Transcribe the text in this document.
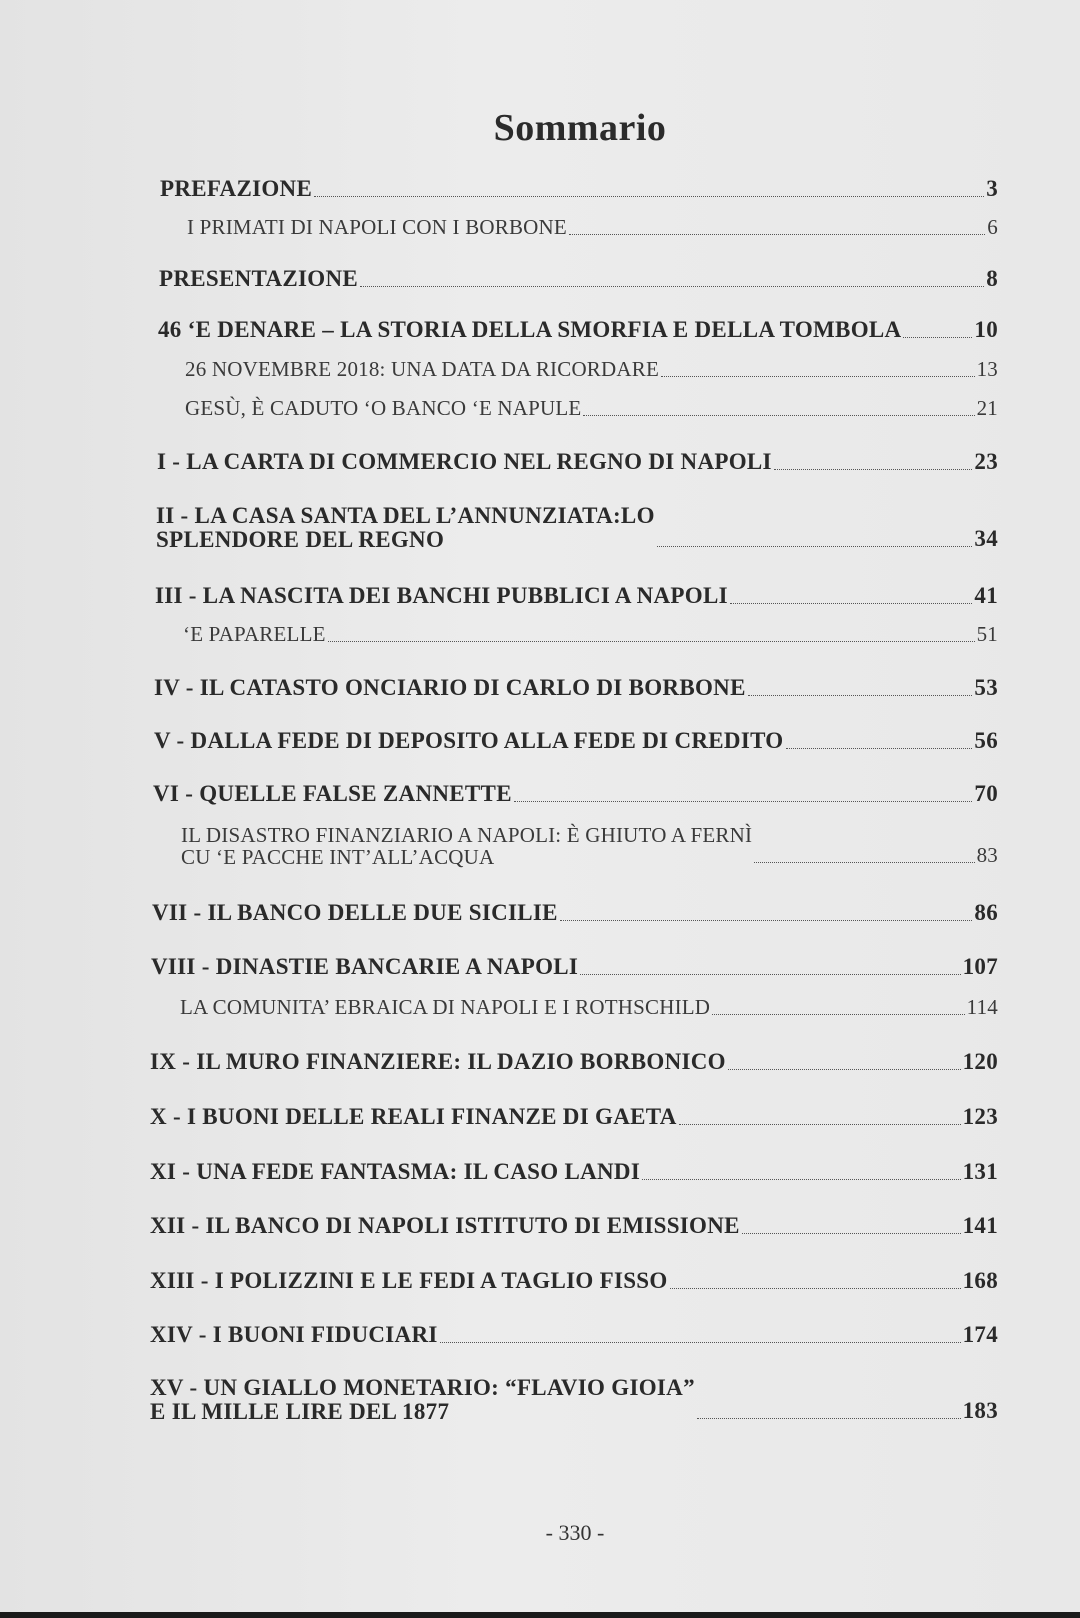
Sommario
PREFAZIONE	3
I PRIMATI DI NAPOLI CON I BORBONE	6
PRESENTAZIONE	8
46 ‘E DENARE – LA STORIA DELLA SMORFIA E DELLA TOMBOLA	10
26 NOVEMBRE 2018: UNA DATA DA RICORDARE	13
GESÙ, È CADUTO ‘O BANCO ‘E NAPULE	21
I - LA CARTA DI COMMERCIO NEL REGNO DI NAPOLI	23
II - LA CASA SANTA DEL L’ANNUNZIATA:LO
SPLENDORE DEL REGNO	34
III - LA NASCITA DEI BANCHI PUBBLICI A NAPOLI	41
‘E PAPARELLE	51
IV - IL CATASTO ONCIARIO DI CARLO DI BORBONE	53
V - DALLA FEDE DI DEPOSITO ALLA FEDE DI CREDITO	56
VI - QUELLE FALSE ZANNETTE	70
IL DISASTRO FINANZIARIO A NAPOLI: È GHIUTO A FERNÌ
CU ‘E PACCHE INT’ALL’ACQUA	83
VII - IL BANCO DELLE DUE SICILIE	86
VIII - DINASTIE BANCARIE A NAPOLI	107
LA COMUNITA’ EBRAICA DI NAPOLI E I ROTHSCHILD	114
IX - IL MURO FINANZIERE: IL DAZIO BORBONICO	120
X - I BUONI DELLE REALI FINANZE DI GAETA	123
XI - UNA FEDE FANTASMA: IL CASO LANDI	131
XII - IL BANCO DI NAPOLI ISTITUTO DI EMISSIONE	141
XIII - I POLIZZINI E LE FEDI A TAGLIO FISSO	168
XIV - I BUONI FIDUCIARI	174
XV - UN GIALLO MONETARIO: “FLAVIO GIOIA”
E IL MILLE LIRE DEL 1877	183
- 330 -
